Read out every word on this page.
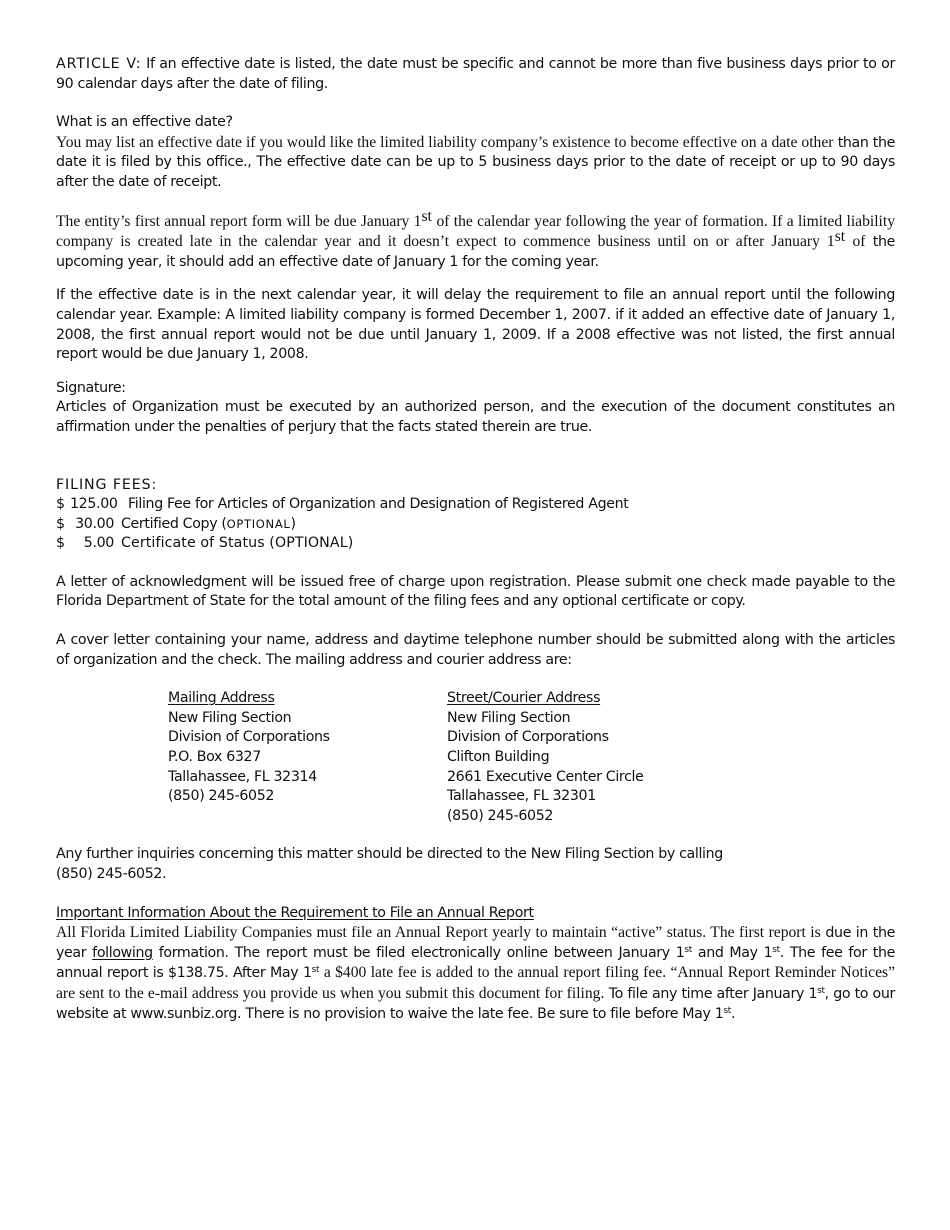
ARTICLE V: If an effective date is listed, the date must be specific and cannot be more than five business days prior to or 90 calendar days after the date of filing.

What is an effective date?

You may list an effective date if you would like the limited liability company’s existence to become effective on a date other than the date it is filed by this office., The effective date can be up to 5 business days prior to the date of receipt or up to 90 days after the date of receipt.

The entity’s first annual report form will be due January 1st of the calendar year following the year of formation. If a limited liability company is created late in the calendar year and it doesn’t expect to commence business until on or after January 1st of the upcoming year, it should add an effective date of January 1 for the coming year.

If the effective date is in the next calendar year, it will delay the requirement to file an annual report until the following calendar year. Example: A limited liability company is formed December 1, 2007. if it added an effective date of January 1, 2008, the first annual report would not be due until January 1, 2009. If a 2008 effective was not listed, the first annual report would be due January 1, 2008.

Signature:

Articles of Organization must be executed by an authorized person, and the execution of the document constitutes an affirmation under the penalties of perjury that the facts stated therein are true.

FILING FEES:

$ 125.00 Filing Fee for Articles of Organization and Designation of Registered Agent
$ 30.00 Certified Copy (OPTIONAL)
$	5.00 Certificate of Status (OPTIONAL)

A letter of acknowledgment will be issued free of charge upon registration. Please submit one check made payable to the Florida Department of State for the total amount of the filing fees and any optional certificate or copy.

A cover letter containing your name, address and daytime telephone number should be submitted along with the articles of organization and the check. The mailing address and courier address are:

Mailing Address

New Filing Section

Division of Corporations

P.O. Box 6327

Tallahassee, FL 32314

(850) 245-6052

Street/Courier Address

New Filing Section

Division of Corporations

Clifton Building

2661 Executive Center Circle

Tallahassee, FL 32301

(850) 245-6052

Any further inquiries concerning this matter should be directed to the New Filing Section by calling

(850) 245-6052.

Important Information About the Requirement to File an Annual Report

All Florida Limited Liability Companies must file an Annual Report yearly to maintain “active” status. The first report is due in the year following formation. The report must be filed electronically online between January 1st and May 1st. The fee for the annual report is $138.75. After May 1st a $400 late fee is added to the annual report filing fee. “Annual Report Reminder Notices” are sent to the e-mail address you provide us when you submit this document for filing. To file any time after January 1st, go to our website at www.sunbiz.org. There is no provision to waive the late fee. Be sure to file before May 1st.
